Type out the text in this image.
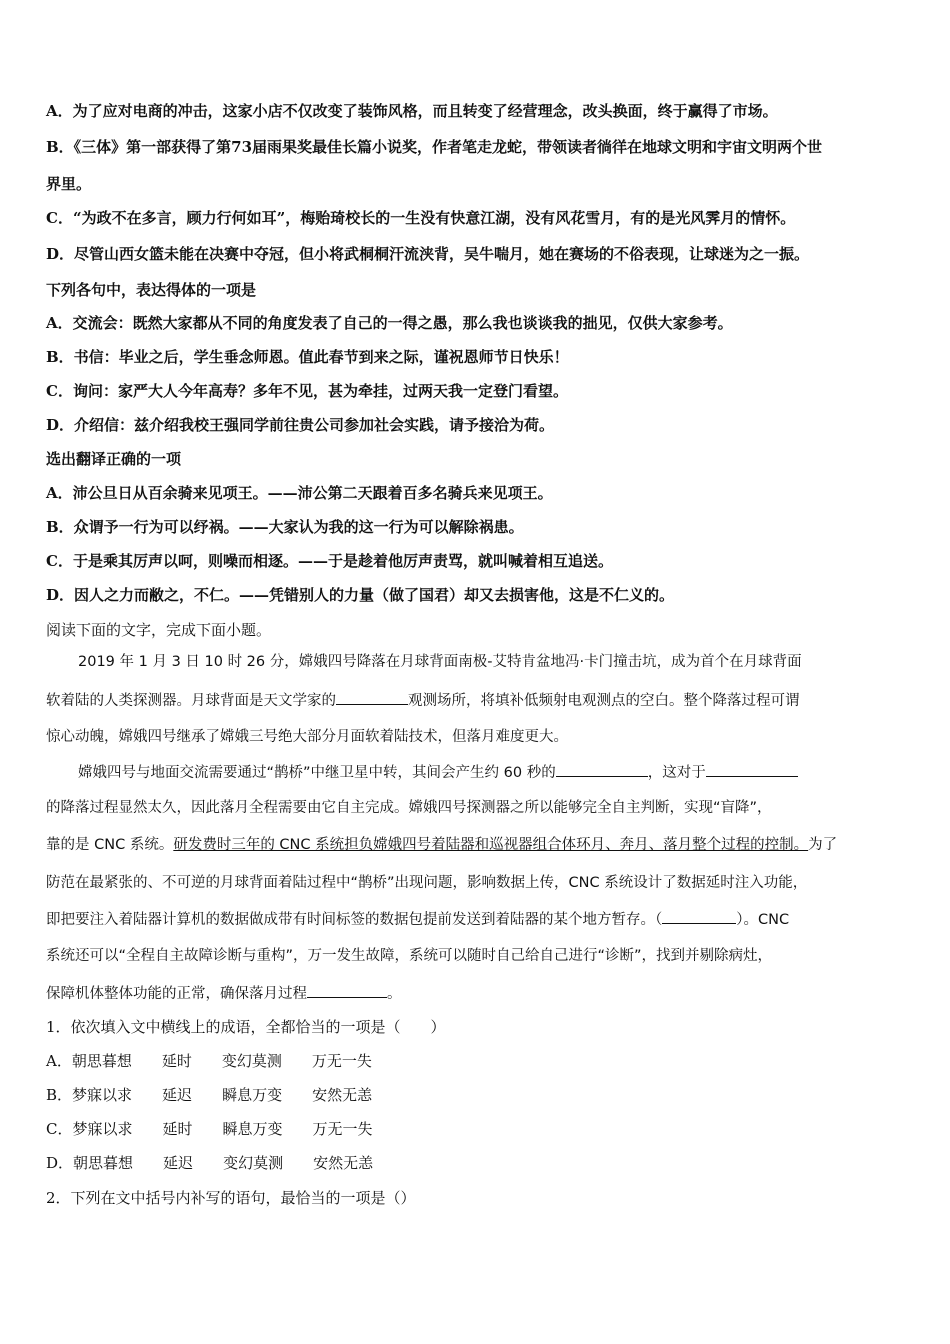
A．为了应对电商的冲击，这家小店不仅改变了装饰风格，而且转变了经营理念，改头换面，终于赢得了市场。
B．《三体》第一部获得了第73届雨果奖最佳长篇小说奖，作者笔走龙蛇，带领读者徜徉在地球文明和宇宙文明两个世
界里。
C．“为政不在多言，顾力行何如耳”，梅贻琦校长的一生没有快意江湖，没有风花雪月，有的是光风霁月的情怀。
D．尽管山西女篮未能在决赛中夺冠，但小将武桐桐汗流浃背，吴牛喘月，她在赛场的不俗表现，让球迷为之一振。
下列各句中，表达得体的一项是
A．交流会：既然大家都从不同的角度发表了自己的一得之愚，那么我也谈谈我的拙见，仅供大家参考。
B．书信：毕业之后，学生垂念师恩。值此春节到来之际，谨祝恩师节日快乐！
C．询问：家严大人今年高寿？多年不见，甚为牵挂，过两天我一定登门看望。
D．介绍信：兹介绍我校王强同学前往贵公司参加社会实践，请予接洽为荷。
选出翻译正确的一项
A．沛公旦日从百余骑来见项王。——沛公第二天跟着百多名骑兵来见项王。
B．众谓予一行为可以纾祸。——大家认为我的这一行为可以解除祸患。
C．于是乘其厉声以呵，则噪而相逐。——于是趁着他厉声责骂，就叫喊着相互追送。
D．因人之力而敝之，不仁。——凭错别人的力量（做了国君）却又去损害他，这是不仁义的。
阅读下面的文字，完成下面小题。
2019 年 1 月 3 日 10 时 26 分，嫦娥四号降落在月球背面南极-艾特肯盆地冯·卡门撞击坑，成为首个在月球背面
软着陆的人类探测器。月球背面是天文学家的	观测场所，将填补低频射电观测点的空白。整个降落过程可谓
惊心动魄，嫦娥四号继承了嫦娥三号绝大部分月面软着陆技术，但落月难度更大。
嫦娥四号与地面交流需要通过“鹊桥”中继卫星中转，其间会产生约 60 秒的	，这对于
的降落过程显然太久，因此落月全程需要由它自主完成。嫦娥四号探测器之所以能够完全自主判断，实现“盲降”，
靠的是 CNC 系统。研发费时三年的 CNC 系统担负嫦娥四号着陆器和巡视器组合体环月、奔月、落月整个过程的控制。为了
防范在最紧张的、不可逆的月球背面着陆过程中“鹊桥”出现问题，影响数据上传，CNC 系统设计了数据延时注入功能，
即把要注入着陆器计算机的数据做成带有时间标签的数据包提前发送到着陆器的某个地方暂存。（	）。CNC
系统还可以“全程自主故障诊断与重构”，万一发生故障，系统可以随时自己给自己进行“诊断”，找到并剔除病灶，
保障机体整体功能的正常，确保落月过程	。
1．依次填入文中横线上的成语，全都恰当的一项是（　　）
A．朝思暮想 延时 变幻莫测 万无一失
B．梦寐以求 延迟 瞬息万变 安然无恙
C．梦寐以求 延时 瞬息万变 万无一失
D．朝思暮想 延迟 变幻莫测 安然无恙
2．下列在文中括号内补写的语句，最恰当的一项是（）
